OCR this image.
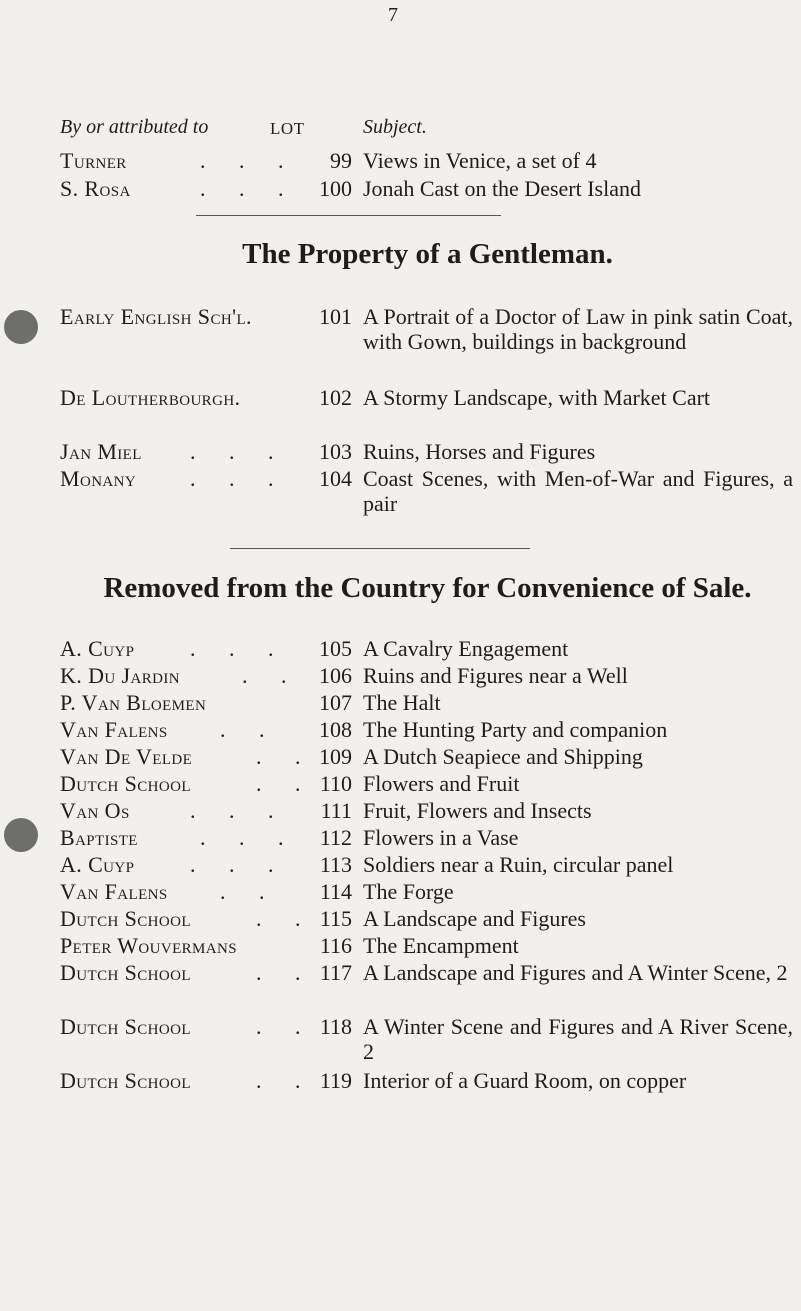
7
By or attributed to	LOT	Subject.
Turner	. . .	99 Views in Venice, a set of 4
S. Rosa	. . . 100 Jonah Cast on the Desert Island
The Property of a Gentleman.
Early English Sch'l.	101 A Portrait of a Doctor of Law in pink satin Coat, with Gown, buildings in background
De Loutherbourgh.	102 A Stormy Landscape, with Market Cart
Jan Miel . . .	103 Ruins, Horses and Figures
Monany . . .	104 Coast Scenes, with Men-of-War and Figures, a pair
Removed from the Country for Convenience of Sale.
A. Cuyp	. . .	105 A Cavalry Engagement
K. Du Jardin	. . 106 Ruins and Figures near a Well
P. Van Bloemen	107 The Halt
Van Falens . .	108 The Hunting Party and companion
Van De Velde	. . 109 A Dutch Seapiece and Shipping
Dutch School	. . 110 Flowers and Fruit
Van Os	. . .	111 Fruit, Flowers and Insects
Baptiste	. . .	112 Flowers in a Vase
A. Cuyp	. . .	113 Soldiers near a Ruin, circular panel
Van Falens . .	114 The Forge
Dutch School	. . 115 A Landscape and Figures
Peter Wouvermans	116 The Encampment
Dutch School	. . 117 A Landscape and Figures and A Winter Scene, 2
Dutch School	. . 118 A Winter Scene and Figures and A River Scene, 2
Dutch School	. . 119 Interior of a Guard Room, on copper
